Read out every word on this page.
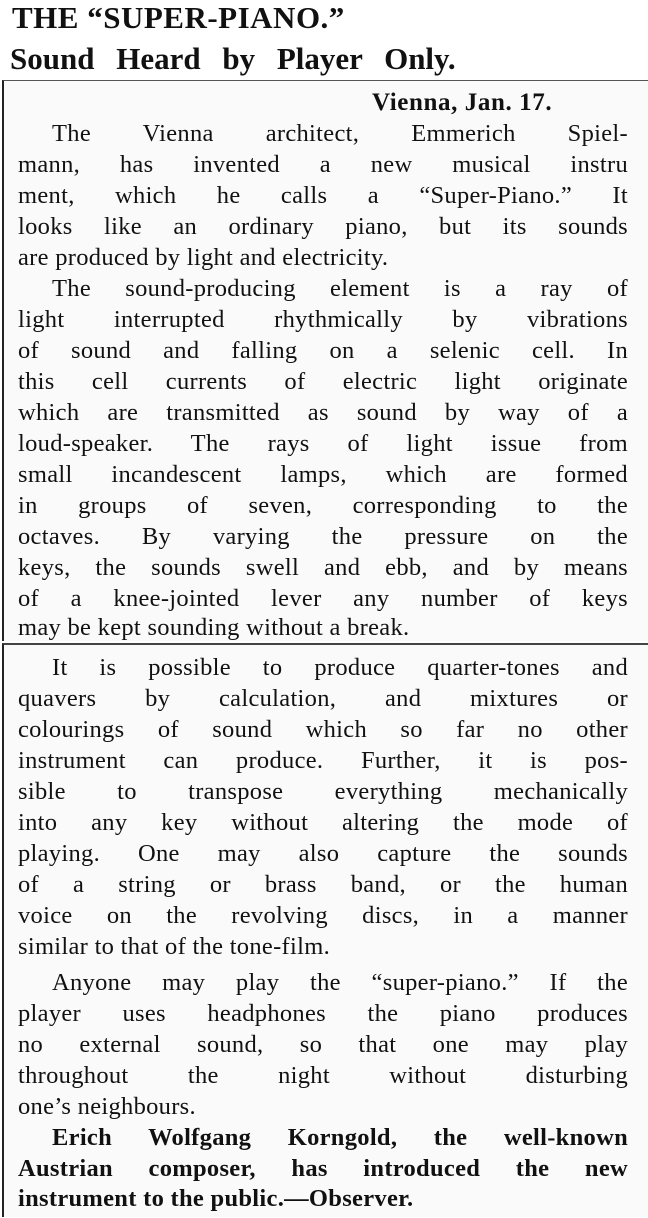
THE “SUPER-PIANO.”
Sound Heard by Player Only.
Vienna, Jan. 17.
The Vienna architect, Emmerich Spiel-
mann, has invented a new musical instru
ment, which he calls a “Super-Piano.” It
looks like an ordinary piano, but its sounds
are produced by light and electricity.
The sound-producing element is a ray of
light interrupted rhythmically by vibrations
of sound and falling on a selenic cell. In
this cell currents of electric light originate
which are transmitted as sound by way of a
loud-speaker. The rays of light issue from
small incandescent lamps, which are formed
in groups of seven, corresponding to the
octaves. By varying the pressure on the
keys, the sounds swell and ebb, and by means
of a knee-jointed lever any number of keys
may be kept sounding without a break.
It is possible to produce quarter-tones and
quavers by calculation, and mixtures or
colourings of sound which so far no other
instrument can produce. Further, it is pos-
sible to transpose everything mechanically
into any key without altering the mode of
playing. One may also capture the sounds
of a string or brass band, or the human
voice on the revolving discs, in a manner
similar to that of the tone-film.
Anyone may play the “super-piano.” If the
player uses headphones the piano produces
no external sound, so that one may play
throughout the night without disturbing
one’s neighbours.
Erich Wolfgang Korngold, the well-known
Austrian composer, has introduced the new
instrument to the public.—Observer.
